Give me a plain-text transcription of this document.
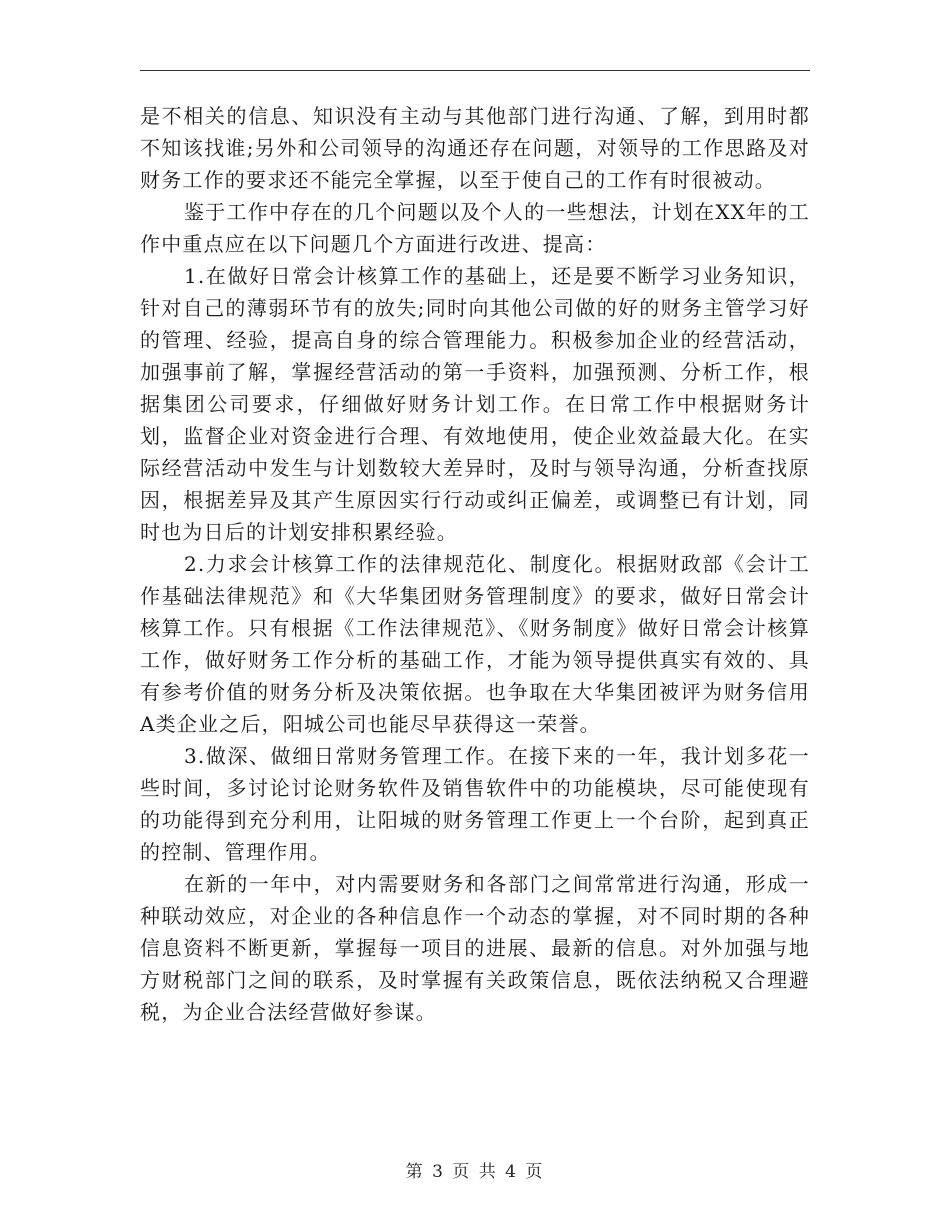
是不相关的信息、知识没有主动与其他部门进行沟通、了解，到用时都不知该找谁;另外和公司领导的沟通还存在问题，对领导的工作思路及对财务工作的要求还不能完全掌握，以至于使自己的工作有时很被动。

鉴于工作中存在的几个问题以及个人的一些想法，计划在XX年的工作中重点应在以下问题几个方面进行改进、提高：

1.在做好日常会计核算工作的基础上，还是要不断学习业务知识，针对自己的薄弱环节有的放失;同时向其他公司做的好的财务主管学习好的管理、经验，提高自身的综合管理能力。积极参加企业的经营活动，加强事前了解，掌握经营活动的第一手资料，加强预测、分析工作，根据集团公司要求，仔细做好财务计划工作。在日常工作中根据财务计划，监督企业对资金进行合理、有效地使用，使企业效益最大化。在实际经营活动中发生与计划数较大差异时，及时与领导沟通，分析查找原因，根据差异及其产生原因实行行动或纠正偏差，或调整已有计划，同时也为日后的计划安排积累经验。

2.力求会计核算工作的法律规范化、制度化。根据财政部《会计工作基础法律规范》和《大华集团财务管理制度》的要求，做好日常会计核算工作。只有根据《工作法律规范》、《财务制度》做好日常会计核算工作，做好财务工作分析的基础工作，才能为领导提供真实有效的、具有参考价值的财务分析及决策依据。也争取在大华集团被评为财务信用A类企业之后，阳城公司也能尽早获得这一荣誉。

3.做深、做细日常财务管理工作。在接下来的一年，我计划多花一些时间，多讨论讨论财务软件及销售软件中的功能模块，尽可能使现有的功能得到充分利用，让阳城的财务管理工作更上一个台阶，起到真正的控制、管理作用。

在新的一年中，对内需要财务和各部门之间常常进行沟通，形成一种联动效应，对企业的各种信息作一个动态的掌握，对不同时期的各种信息资料不断更新，掌握每一项目的进展、最新的信息。对外加强与地方财税部门之间的联系，及时掌握有关政策信息，既依法纳税又合理避税，为企业合法经营做好参谋。

第 3 页 共 4 页
